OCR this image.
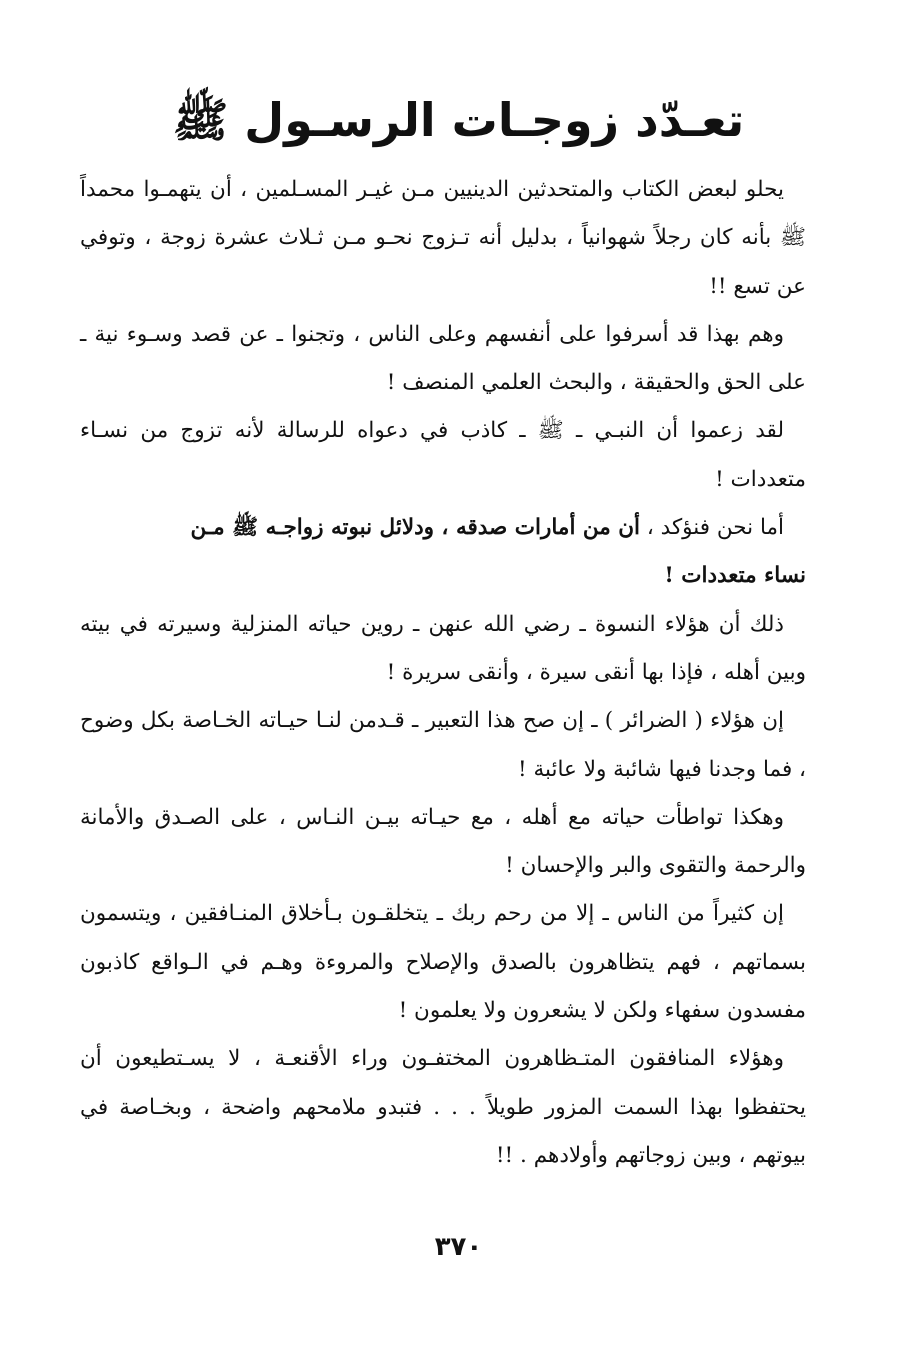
تعـدّد زوجـات الرسـول ﷺ

يحلو لبعض الكتاب والمتحدثين الدينيين مـن غيـر المسـلمين ، أن يتهمـوا محمداً ﷺ بأنه كان رجلاً شهوانياً ، بدليل أنه تـزوج نحـو مـن ثـلاث عشرة زوجة ، وتوفي عن تسع !!

وهم بهذا قد أسرفوا على أنفسهم وعلى الناس ، وتجنوا ـ عن قصد وسـوء نية ـ على الحق والحقيقة ، والبحث العلمي المنصف !

لقد زعموا أن النبـي ـ ﷺ ـ كاذب في دعواه للرسالة لأنه تزوج من نسـاء متعددات !

أما نحن فنؤكد ، أن من أمارات صدقه ، ودلائل نبوته زواجـه ﷺ مـن

نساء متعددات !

ذلك أن هؤلاء النسوة ـ رضي الله عنهن ـ روين حياته المنزلية وسيرته في بيته وبين أهله ، فإذا بها أنقى سيرة ، وأنقى سريرة !

إن هؤلاء ( الضرائر ) ـ إن صح هذا التعبير ـ قـدمن لنـا حيـاته الخـاصة بكل وضوح ، فما وجدنا فيها شائبة ولا عائبة !

وهكذا تواطأت حياته مع أهله ، مع حيـاته بيـن النـاس ، على الصـدق والأمانة والرحمة والتقوى والبر والإحسان !

إن كثيراً من الناس ـ إلا من رحم ربك ـ يتخلقـون بـأخلاق المنـافقين ، ويتسمون بسماتهم ، فهم يتظاهرون بالصدق والإصلاح والمروءة وهـم في الـواقع كاذبون مفسدون سفهاء ولكن لا يشعرون ولا يعلمون !

وهؤلاء المنافقون المتـظاهرون المختفـون وراء الأقنعـة ، لا يسـتطيعون أن يحتفظوا بهذا السمت المزور طويلاً . . . فتبدو ملامحهم واضحة ، وبخـاصة في بيوتهم ، وبين زوجاتهم وأولادهم . !!

٣٧٠
